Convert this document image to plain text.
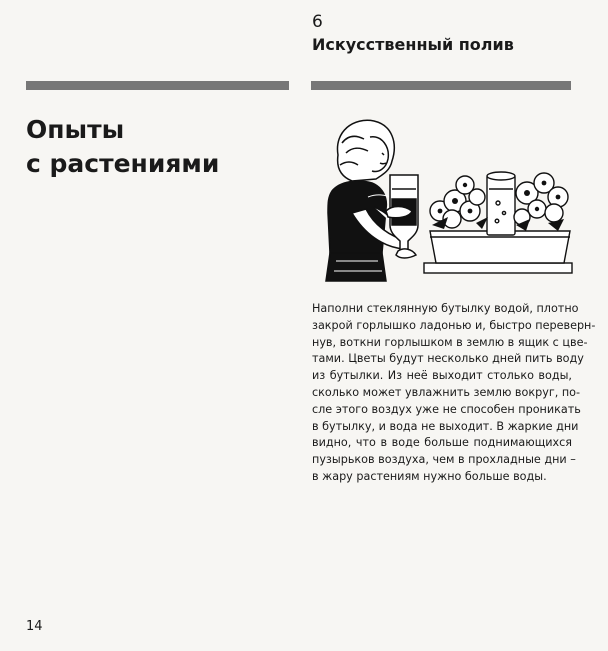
6
Искусственный полив
Опыты
с растениями
Наполни стеклянную бутылку водой, плотно
закрой горлышко ладонью и, быстро переверн-
нув, воткни горлышком в землю в ящик с цве-
тами. Цветы будут несколько дней пить воду
из бутылки. Из неё выходит столько воды,
сколько может увлажнить землю вокруг, по-
сле этого воздух уже не способен проникать
в бутылку, и вода не выходит. В жаркие дни
видно, что в воде больше поднимающихся
пузырьков воздуха, чем в прохладные дни –
в жару растениям нужно больше воды.
14
